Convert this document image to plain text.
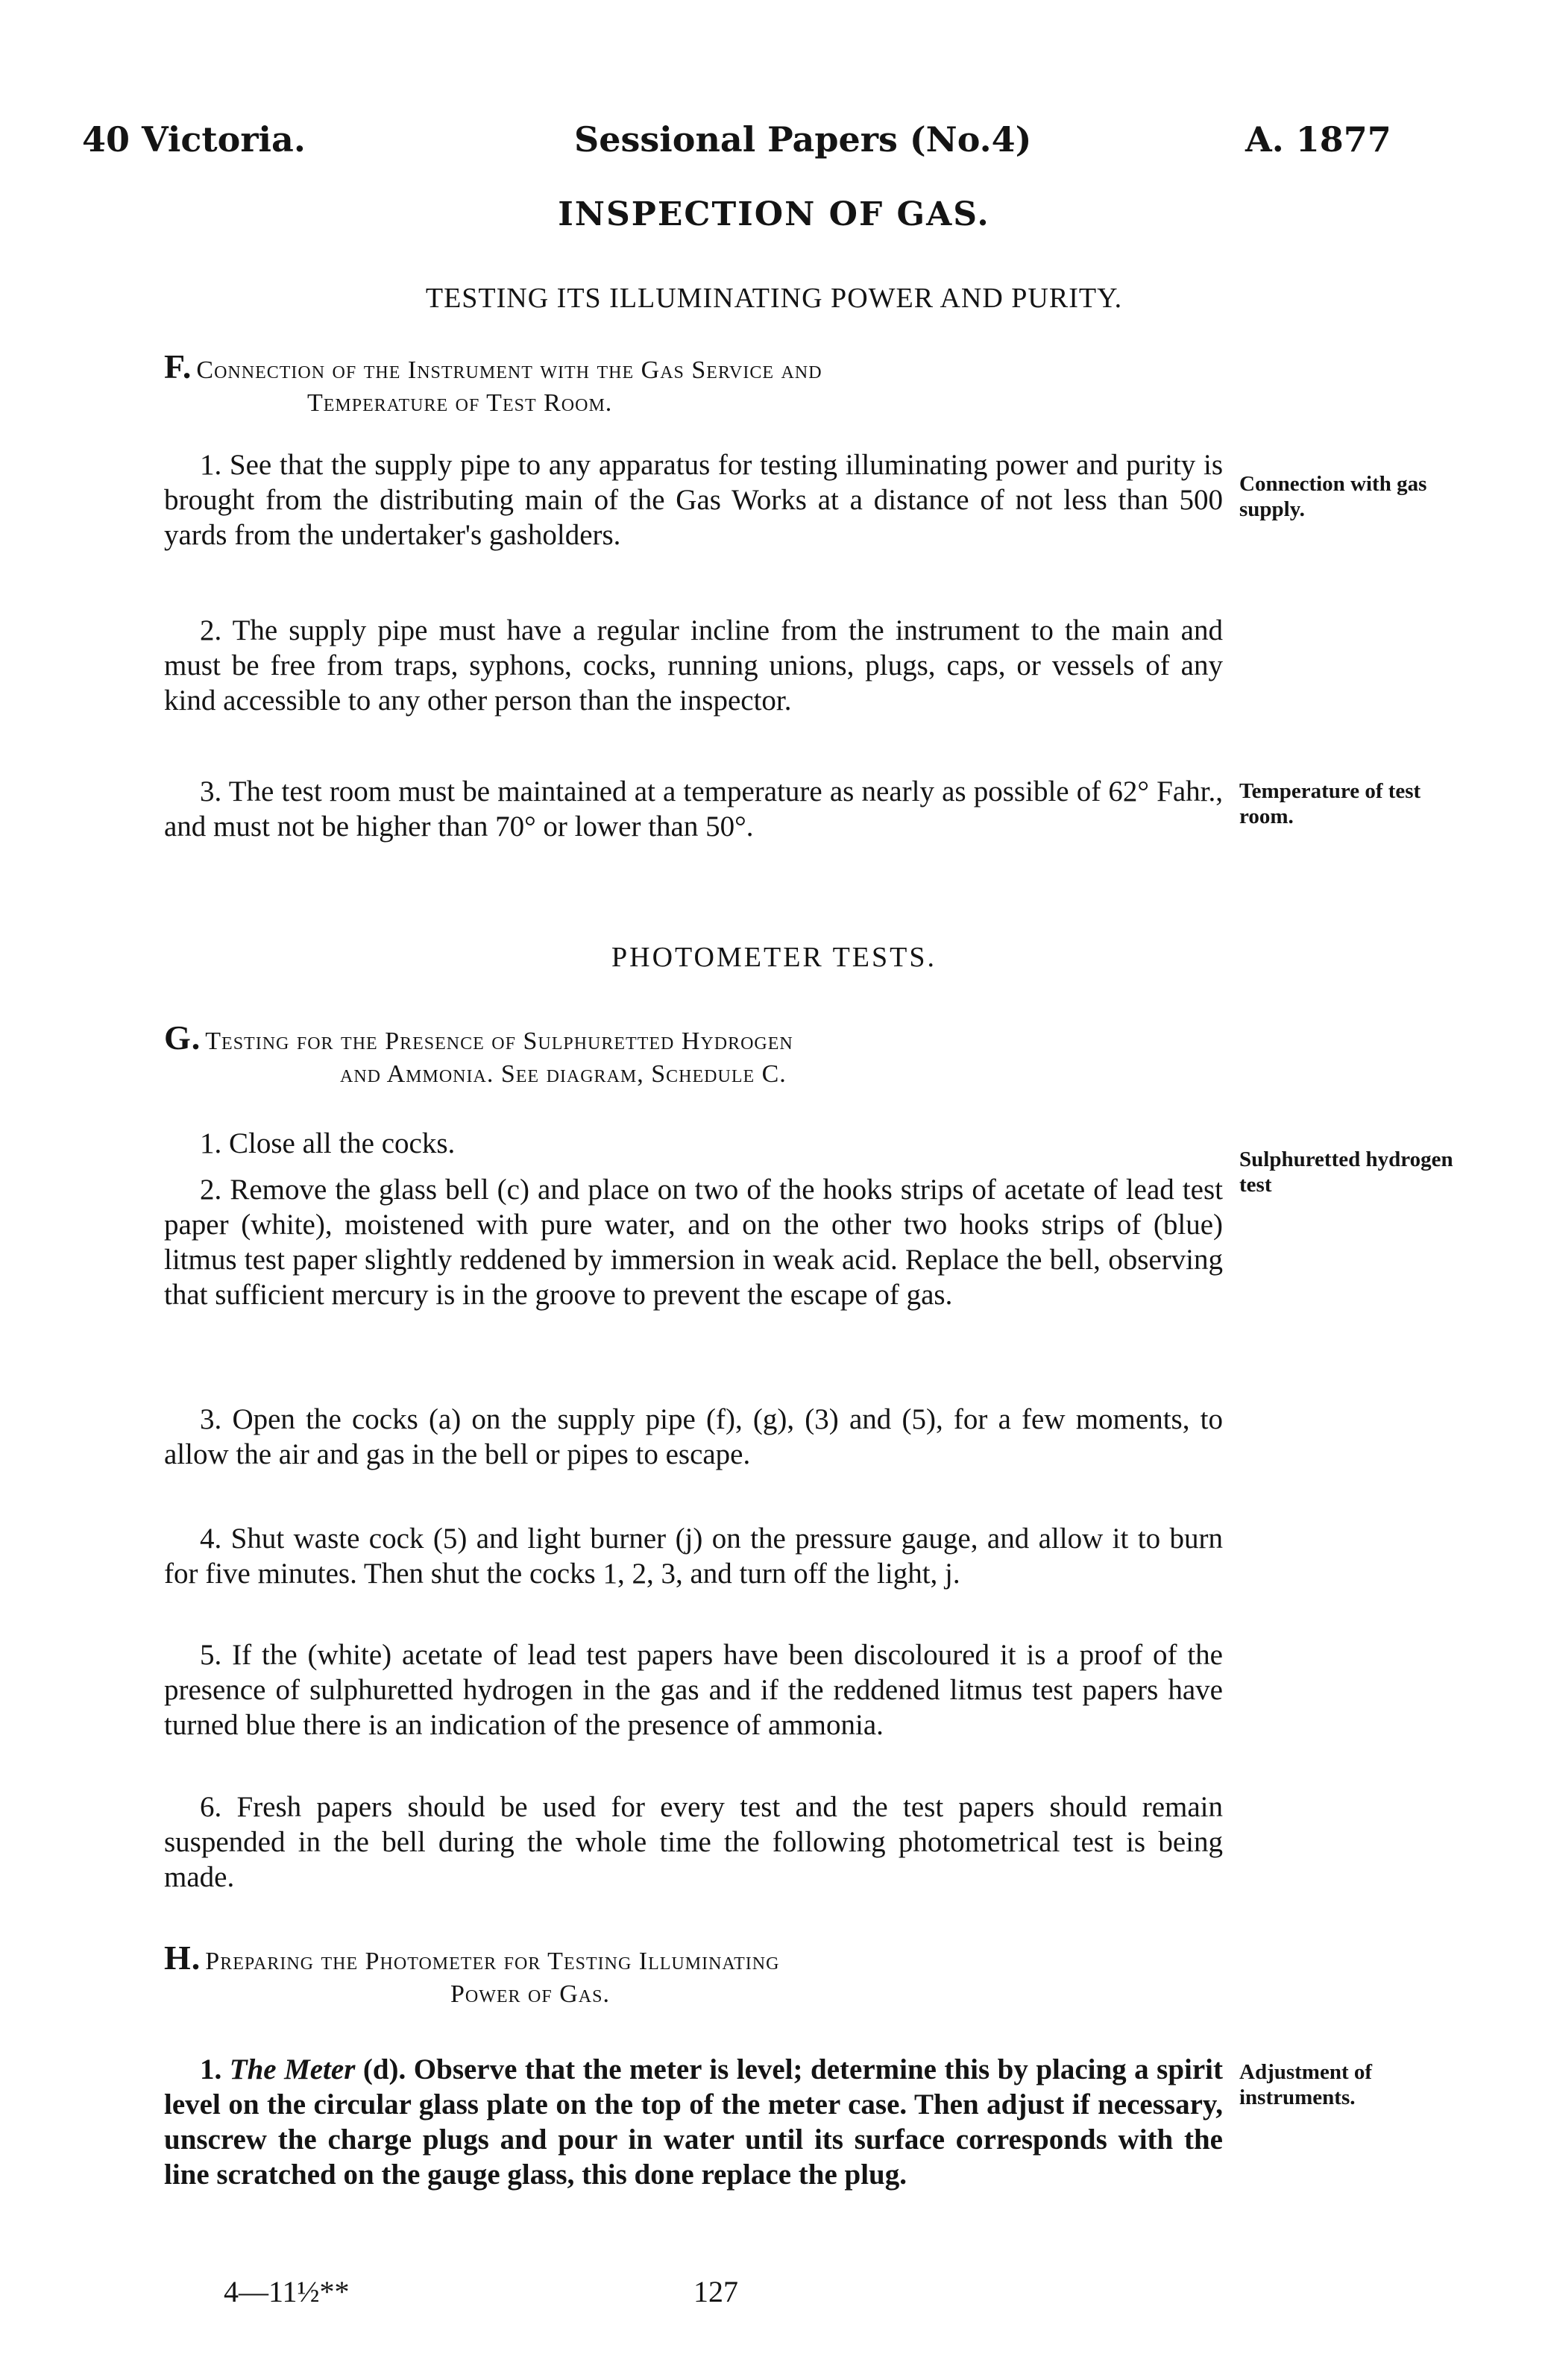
40 Victoria.	Sessional Papers (No.4)	A. 1877
INSPECTION OF GAS.
TESTING ITS ILLUMINATING POWER AND PURITY.
F. Connection of the Instrument with the Gas Service and
Temperature of Test Room.
1. See that the supply pipe to any apparatus for testing illuminating power and purity is brought from the distributing main of the Gas Works at a distance of not less than 500 yards from the undertaker's gasholders.
2. The supply pipe must have a regular incline from the instrument to the main and must be free from traps, syphons, cocks, running unions, plugs, caps, or vessels of any kind accessible to any other person than the inspector.
3. The test room must be maintained at a temperature as nearly as possible of 62° Fahr., and must not be higher than 70° or lower than 50°.
Connection with gas supply.
Temperature of test room.
PHOTOMETER TESTS.
G. Testing for the Presence of Sulphuretted Hydrogen
and Ammonia. See diagram, Schedule C.
1. Close all the cocks.
2. Remove the glass bell (c) and place on two of the hooks strips of acetate of lead test paper (white), moistened with pure water, and on the other two hooks strips of (blue) litmus test paper slightly reddened by immersion in weak acid. Replace the bell, observing that sufficient mercury is in the groove to prevent the escape of gas.
3. Open the cocks (a) on the supply pipe (f), (g), (3) and (5), for a few moments, to allow the air and gas in the bell or pipes to escape.
4. Shut waste cock (5) and light burner (j) on the pressure gauge, and allow it to burn for five minutes. Then shut the cocks 1, 2, 3, and turn off the light, j.
5. If the (white) acetate of lead test papers have been discoloured it is a proof of the presence of sulphuretted hydrogen in the gas and if the reddened litmus test papers have turned blue there is an indication of the presence of ammonia.
6. Fresh papers should be used for every test and the test papers should remain suspended in the bell during the whole time the following photometrical test is being made.
Sulphuretted hydrogen test
H. Preparing the Photometer for Testing Illuminating
Power of Gas.
1. The Meter (d). Observe that the meter is level; determine this by placing a spirit level on the circular glass plate on the top of the meter case. Then adjust if necessary, unscrew the charge plugs and pour in water until its surface corresponds with the line scratched on the gauge glass, this done replace the plug.
Adjustment of instruments.
4—11½**	127
